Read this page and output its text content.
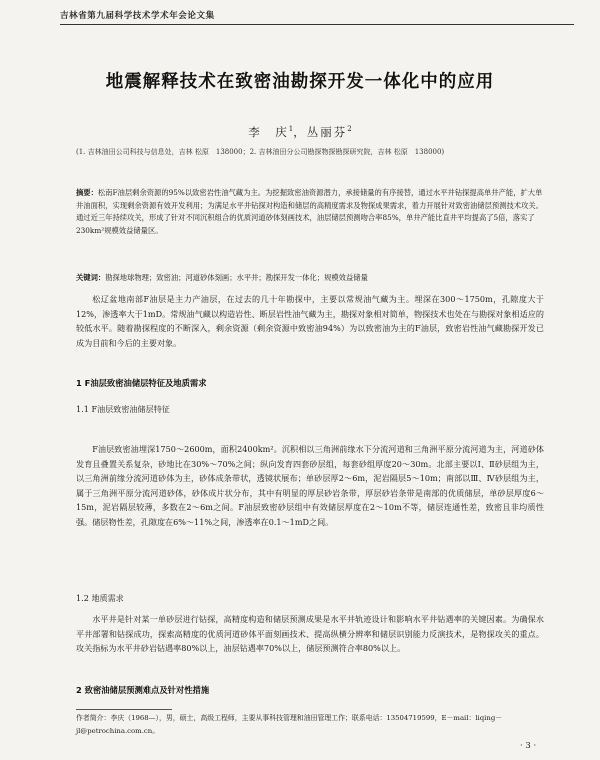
吉林省第九届科学技术学术年会论文集
地震解释技术在致密油勘探开发一体化中的应用
李　庆$^1$，丛丽芬$^2$
(1. 吉林油田公司科技与信息处，吉林 松原　138000；2. 吉林油田分公司勘探物探勘探研究院，吉林 松原　138000)
摘要：松南F油层剩余资源的95%以致密岩性油气藏为主。为挖掘致密油资源潜力，承接储量的有序接替，通过水平井钻探提高单井产能，扩大单井油面积，实现剩余资源有效开发利用；为满足水平井钻探对构造和储层的高精度需求及物探成果需求，着力开展针对致密油储层预测技术攻关。通过近三年持续攻关，形成了针对不同沉积组合的优质河道砂体刻画技术，油层储层预测吻合率85%，单井产能比直井平均提高了5倍，落实了230km²规模效益储量区。
关键词：勘探地球物理；致密油；河道砂体刻画；水平井；勘探开发一体化；规模效益储量
松辽盆地南部F油层是主力产油层，在过去的几十年勘探中，主要以常规油气藏为主。埋深在300～1750m，孔隙度大于12%，渗透率大于1mD。常规油气藏以构造岩性、断层岩性油气藏为主，勘探对象相对简单，物探技术也处在与勘探对象相适应的较低水平。随着勘探程度的不断深入，剩余资源（剩余资源中致密油94%）为以致密油为主的F油层，致密岩性油气藏勘探开发已成为目前和今后的主要对象。
1 F油层致密油储层特征及地质需求
1.1 F油层致密油储层特征
F油层致密油埋深1750～2600m，面积2400km²。沉积相以三角洲前缘水下分流河道和三角洲平原分流河道为主，河道砂体发育且叠置关系复杂，砂地比在30%～70%之间；纵向发育四套砂层组，每套砂组厚度20～30m。北部主要以Ⅰ、Ⅱ砂层组为主，以三角洲前缘分流河道砂体为主，砂体成条带状，透镜状展布；单砂层厚2～6m，泥岩隔层5～10m；南部以Ⅲ、Ⅳ砂层组为主，属于三角洲平原分流河道砂体，砂体成片状分布，其中有明显的厚层砂岩条带，厚层砂岩条带是南部的优质储层，单砂层厚度6～15m，泥岩隔层较薄，多数在2～6m之间。F油层致密砂层组中有效储层厚度在2～10m不等，储层连通性差，致密且非均质性强。储层物性差，孔隙度在6%～11%之间，渗透率在0.1～1mD之间。
1.2 地质需求
水平井是针对某一单砂层进行钻探，高精度构造和储层预测成果是水平井轨迹设计和影响水平井钻遇率的关键因素。为确保水平井部署和钻探成功，探索高精度的优质河道砂体平面刻画技术、提高纵横分辨率和储层识别能力反演技术，是物探攻关的重点。攻关指标为水平井砂岩钻遇率80%以上，油层钻遇率70%以上，储层预测符合率80%以上。
2 致密油储层预测难点及针对性措施
作者简介：李庆（1968—），男，硕士，高级工程师，主要从事科技管理和油田管理工作；联系电话：13504719599，E－mail：liqing－jl@petrochina.com.cn。
· 3 ·
